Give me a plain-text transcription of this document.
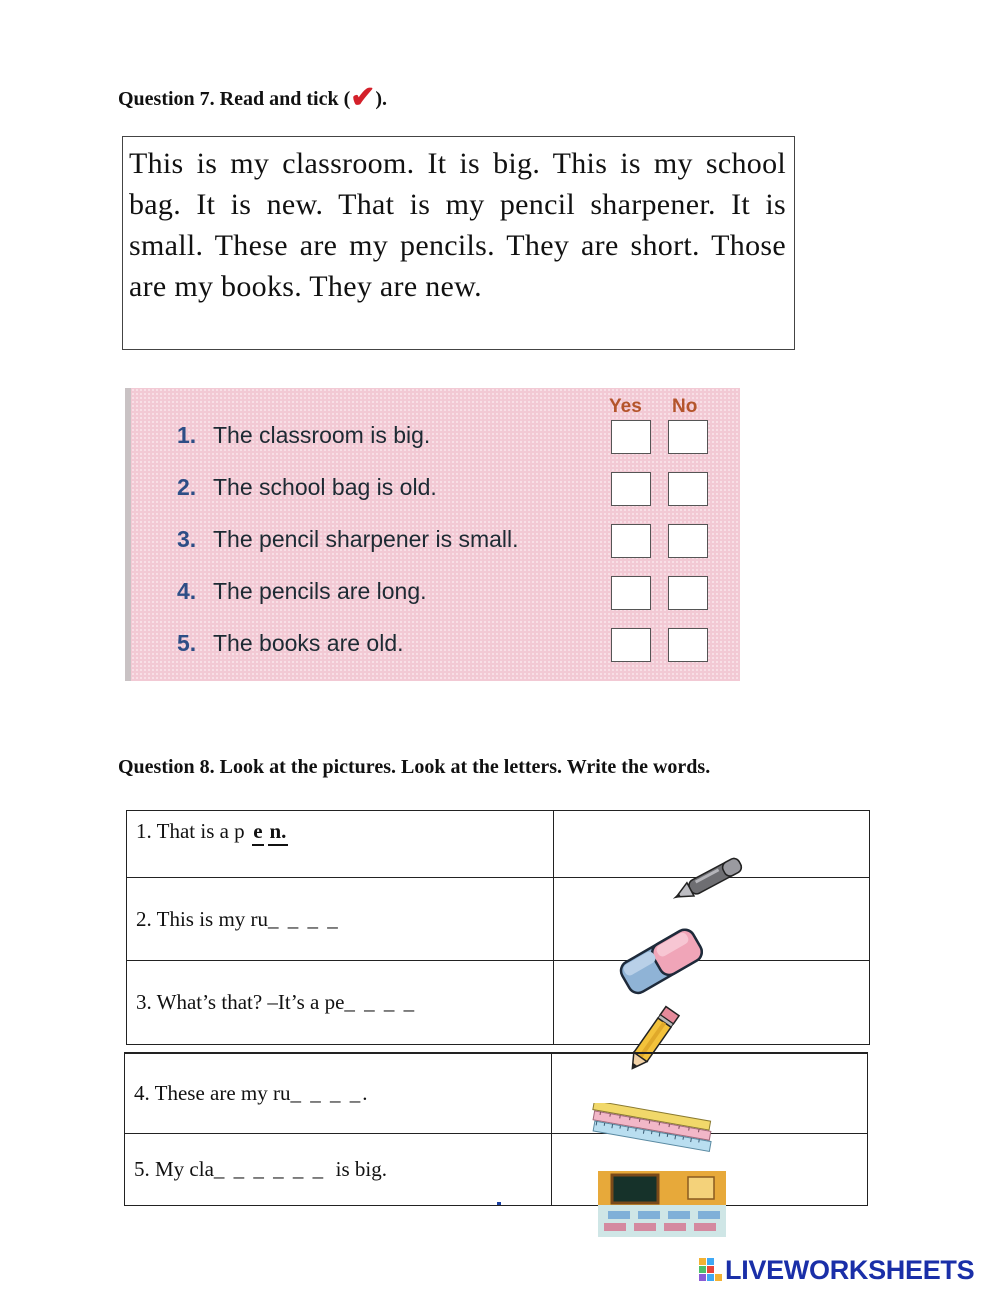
Question 7. Read and tick (✔).
This is my classroom. It is big. This is my school bag. It is new. That is my pencil sharpener. It is small. These are my pencils. They are short. Those are my books. They are new.
Yes No
1. The classroom is big.
2. The school bag is old.
3. The pencil sharpener is small.
4. The pencils are long.
5. The books are old.
Question 8. Look at the pictures. Look at the letters. Write the words.
1. That is a p e n.	

2. This is my ru_ _ _ _	

3. What’s that? –It’s a pe_ _ _ _	
4. These are my ru_ _ _ _.	

5. My cla_ _ _ _ _ _  is big.	
LIVEWORKSHEETS
